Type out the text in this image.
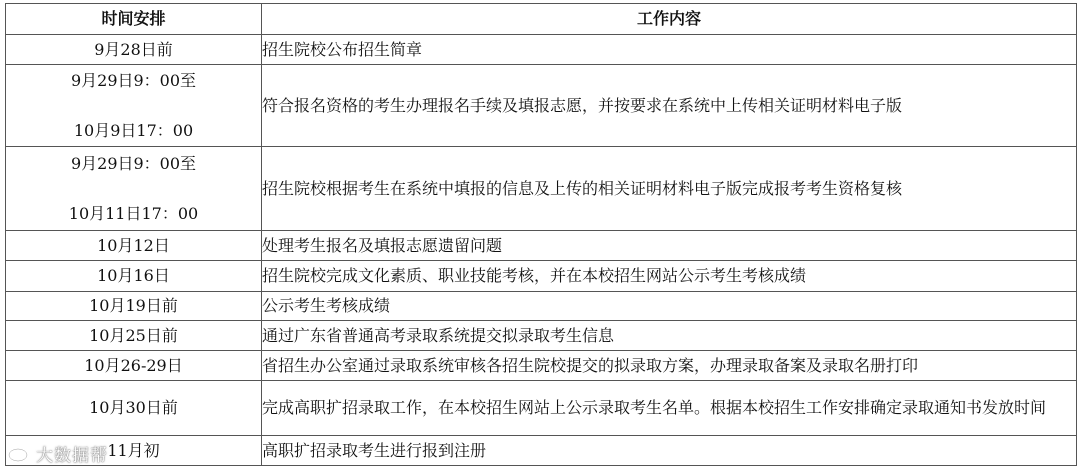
时间安排	工作内容
9月28日前	招生院校公布招生简章

9月29日9：00至
10月9日17：00	符合报名资格的考生办理报名手续及填报志愿，并按要求在系统中上传相关证明材料电子版

9月29日9：00至
10月11日17：00	招生院校根据考生在系统中填报的信息及上传的相关证明材料电子版完成报考考生资格复核
10月12日	处理考生报名及填报志愿遗留问题
10月16日	招生院校完成文化素质、职业技能考核，并在本校招生网站公示考生考核成绩
10月19日前	公示考生考核成绩
10月25日前	通过广东省普通高考录取系统提交拟录取考生信息
10月26-29日	省招生办公室通过录取系统审核各招生院校提交的拟录取方案，办理录取备案及录取名册打印
10月30日前	完成高职扩招录取工作，在本校招生网站上公示录取考生名单。根据本校招生工作安排确定录取通知书发放时间
11月初	高职扩招录取考生进行报到注册
大数据帮
